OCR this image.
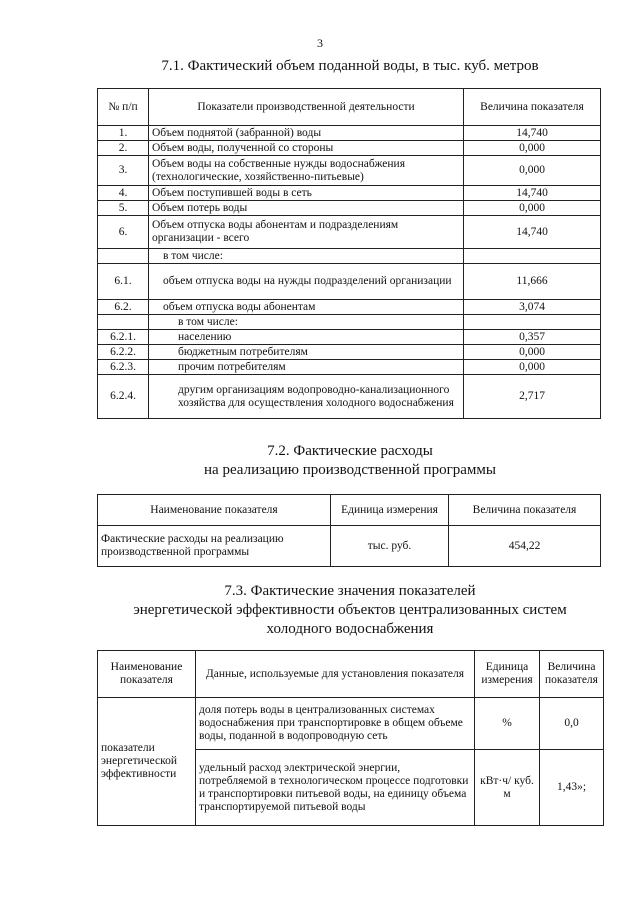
3
7.1. Фактический объем поданной воды, в тыс. куб. метров
№ п/п	Показатели производственной деятельности	Величина показателя
1.	Объем поднятой (забранной) воды	14,740
2.	Объем воды, полученной со стороны	0,000
3.	Объем воды на собственные нужды водоснабжения (технологические, хозяйственно-питьевые)	0,000
4.	Объем поступившей воды в сеть	14,740
5.	Объем потерь воды	0,000
6.	Объем отпуска воды абонентам и подразделениям организации - всего	14,740
	в том числе:	
6.1.	объем отпуска воды на нужды подразделений организации	11,666
6.2.	объем отпуска воды абонентам	3,074
	в том числе:	
6.2.1.	населению	0,357
6.2.2.	бюджетным потребителям	0,000
6.2.3.	прочим потребителям	0,000
6.2.4.	другим организациям водопроводно-канализационного хозяйства для осуществления холодного водоснабжения	2,717
7.2. Фактические расходы
на реализацию производственной программы
Наименование показателя	Единица измерения	Величина показателя
Фактические расходы на реализацию производственной программы	тыс. руб.	454,22
7.3. Фактические значения показателей
энергетической эффективности объектов централизованных систем
холодного водоснабжения
Наименование показателя	Данные, используемые для установления показателя	Единица измерения	Величина показателя
показатели энергетической эффективности	доля потерь воды в централизованных системах водоснабжения при транспортировке в общем объеме воды, поданной в водопроводную сеть	%	0,0
	удельный расход электрической энергии, потребляемой в технологическом процессе подготовки и транспортировки питьевой воды, на единицу объема транспортируемой питьевой воды	кВт·ч/ куб. м	1,43»;
